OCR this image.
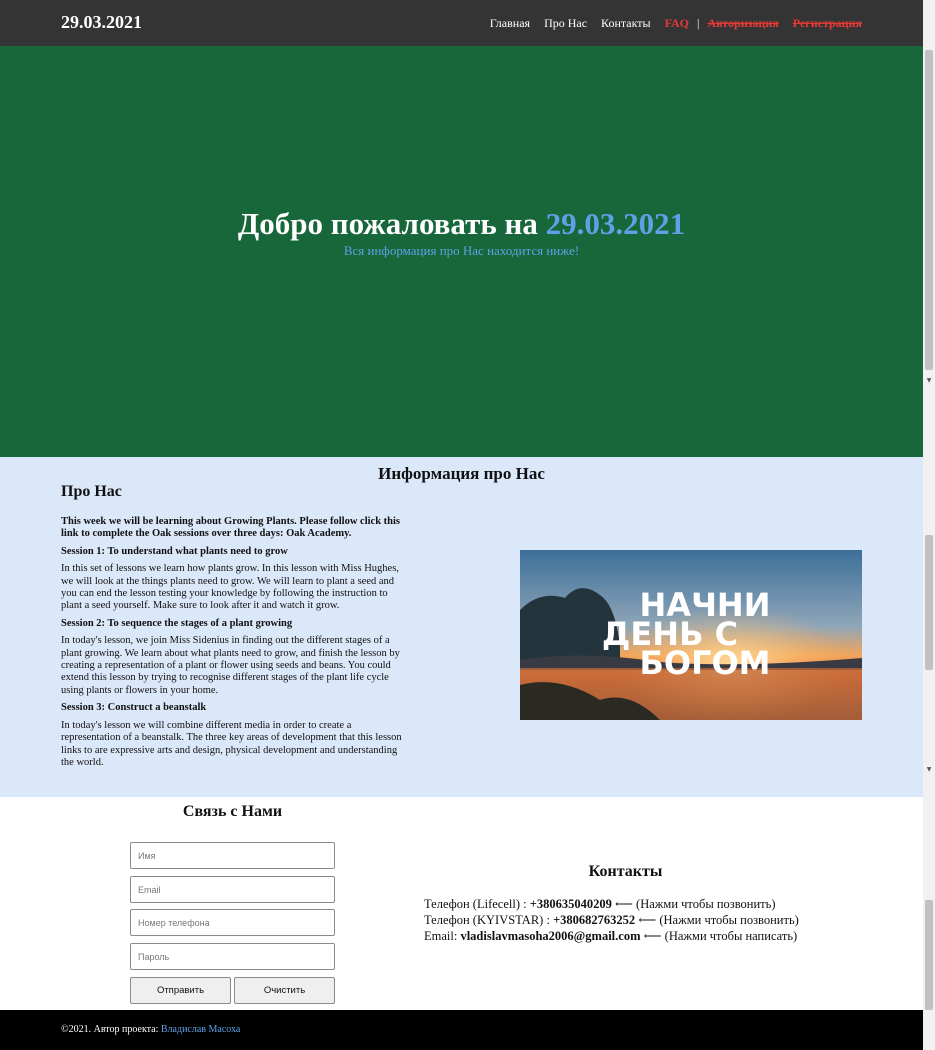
29.03.2021	Главная Про Нас Контакты FAQ | Авторизация Регистрация
Добро пожаловать на 29.03.2021
Вся информация про Нас находится ниже!
Информация про Нас
Про Нас
This week we will be learning about Growing Plants. Please follow click this link to complete the Oak sessions over three days: Oak Academy.
Session 1: To understand what plants need to grow

In this set of lessons we learn how plants grow. In this lesson with Miss Hughes, we will look at the things plants need to grow. We will learn to plant a seed and you can end the lesson testing your knowledge by following the instruction to plant a seed yourself. Make sure to look after it and watch it grow.

Session 2: To sequence the stages of a plant growing

In today's lesson, we join Miss Sidenius in finding out the different stages of a plant growing. We learn about what plants need to grow, and finish the lesson by creating a representation of a plant or flower using seeds and beans. You could extend this lesson by trying to recognise different stages of the plant life cycle using plants or flowers in your home.

Session 3: Construct a beanstalk

In today's lesson we will combine different media in order to create a representation of a beanstalk. The three key areas of development that this lesson links to are expressive arts and design, physical development and understanding the world.

НАЧНИ
ДЕНЬ С
БОГОМ
Связь с Нами
Имя
Email
Номер телефона
Отправить	Очистить
Контакты
Телефон (Lifecell) : +380635040209 ⟵ (Нажми чтобы позвонить)
Телефон (KYIVSTAR) : +380682763252 ⟵ (Нажми чтобы позвонить)
Email: vladislavmasoha2006@gmail.com ⟵ (Нажми чтобы написать)
©2021. Автор проекта: Владислав Масоха
▼
▼
